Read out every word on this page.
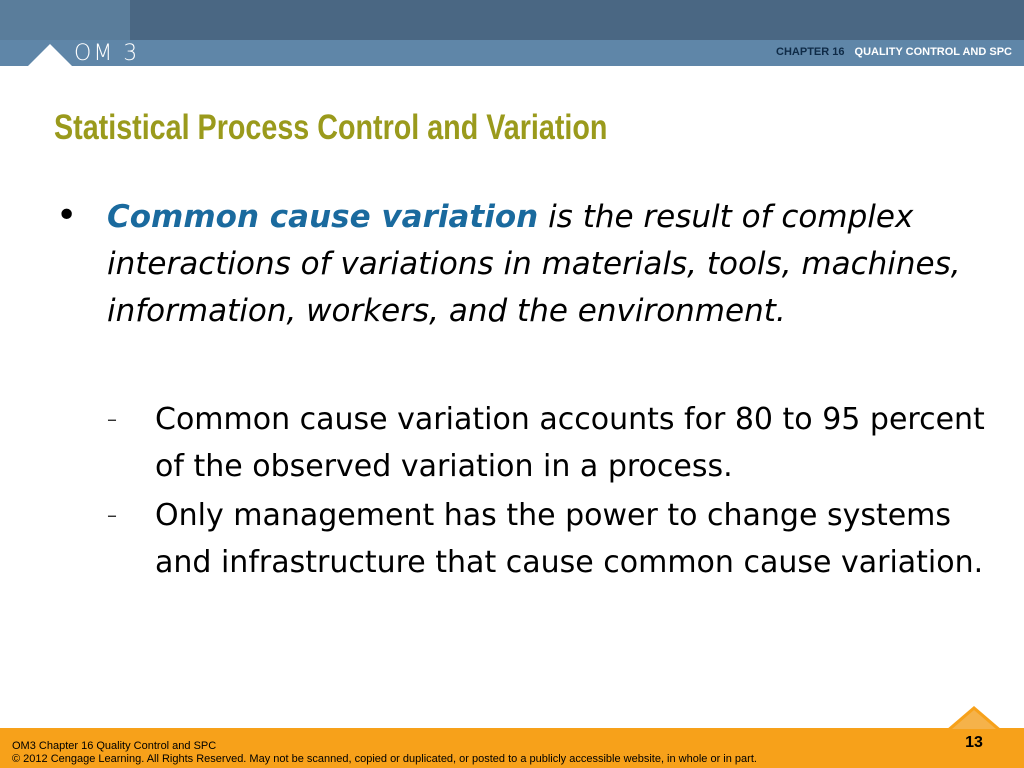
OM 3	CHAPTER 16 QUALITY CONTROL AND SPC
Statistical Process Control and Variation
• Common cause variation is the result of complex interactions of variations in materials, tools, machines, information, workers, and the environment.
–	Common cause variation accounts for 80 to 95 percent of the observed variation in a process.
–	Only management has the power to change systems and infrastructure that cause common cause variation.
OM3 Chapter 16 Quality Control and SPC
© 2012 Cengage Learning. All Rights Reserved. May not be scanned, copied or duplicated, or posted to a publicly accessible website, in whole or in part.
13
